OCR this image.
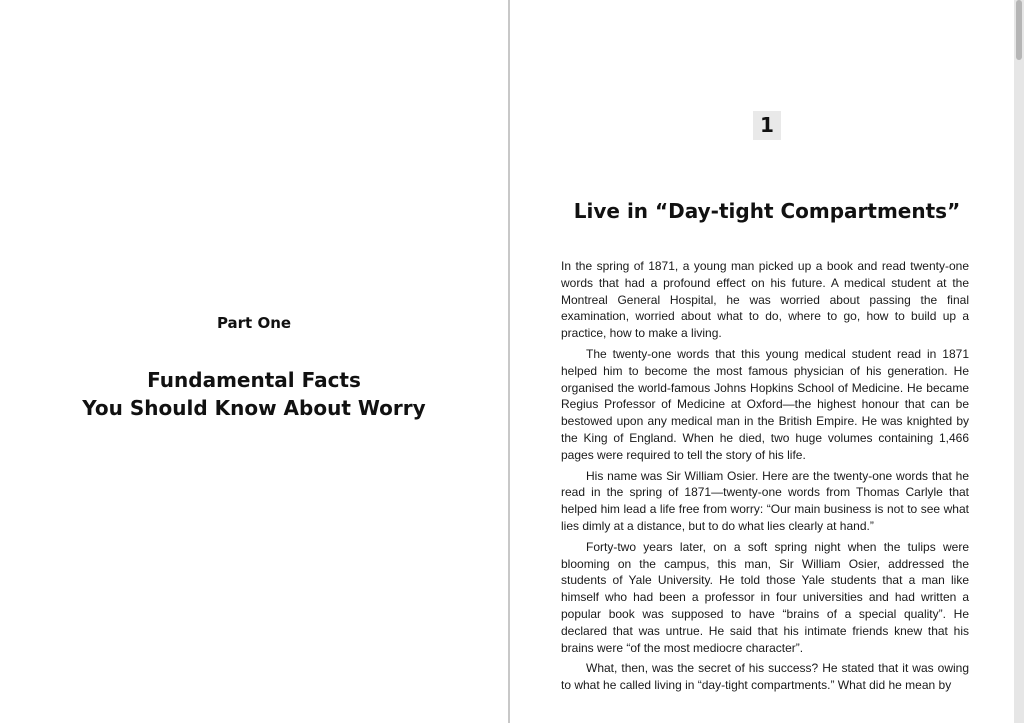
Part One
Fundamental Facts
You Should Know About Worry
1
Live in “Day-tight Compartments”

In the spring of 1871, a young man picked up a book and read twenty-one words that had a profound effect on his future. A medical student at the Montreal General Hospital, he was worried about passing the final examination, worried about what to do, where to go, how to build up a practice, how to make a living.

The twenty-one words that this young medical student read in 1871 helped him to become the most famous physician of his generation. He organised the world-famous Johns Hopkins School of Medicine. He became Regius Professor of Medicine at Oxford—the highest honour that can be bestowed upon any medical man in the British Empire. He was knighted by the King of England. When he died, two huge volumes containing 1,466 pages were required to tell the story of his life.

His name was Sir William Osier. Here are the twenty-one words that he read in the spring of 1871—twenty-one words from Thomas Carlyle that helped him lead a life free from worry: “Our main business is not to see what lies dimly at a distance, but to do what lies clearly at hand.”

Forty-two years later, on a soft spring night when the tulips were blooming on the campus, this man, Sir William Osier, addressed the students of Yale University. He told those Yale students that a man like himself who had been a professor in four universities and had written a popular book was supposed to have “brains of a special quality”. He declared that was untrue. He said that his intimate friends knew that his brains were “of the most mediocre character”.

What, then, was the secret of his success? He stated that it was owing to what he called living in “day-tight compartments.” What did he mean by
